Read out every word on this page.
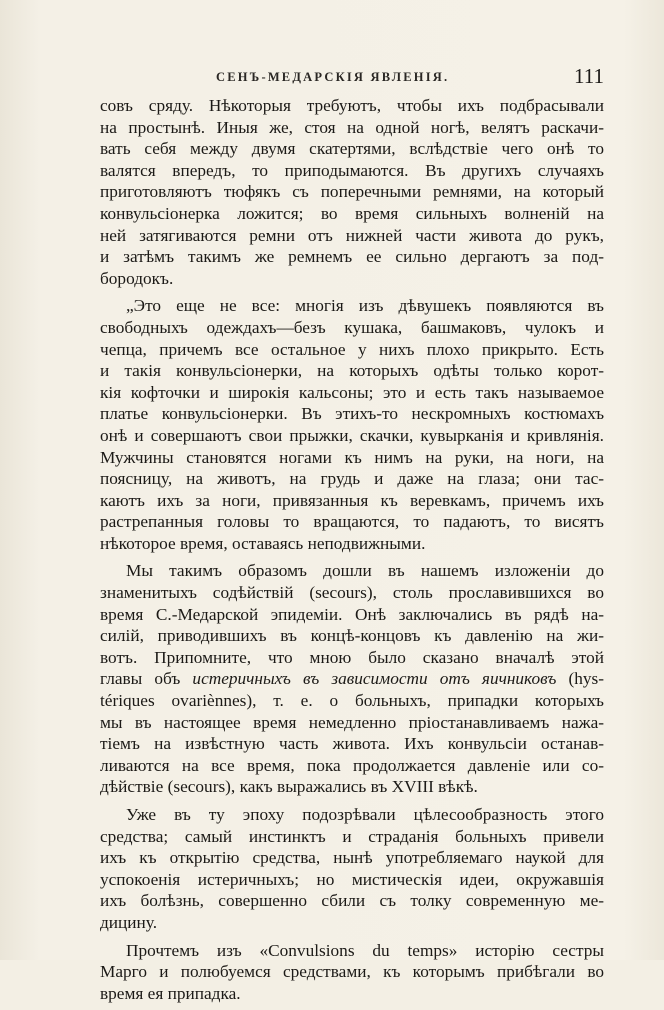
СЕНЪ-МЕДАРСКІЯ ЯВЛЕНІЯ.	111
совъ сряду. Нѣкоторыя требуютъ, чтобы ихъ подбрасывали
на простынѣ. Иныя же, стоя на одной ногѣ, велятъ раскачи-
вать себя между двумя скатертями, вслѣдствіе чего онѣ то
валятся впередъ, то приподымаются. Въ другихъ случаяхъ
приготовляютъ тюфякъ съ поперечными ремнями, на который
конвульсіонерка ложится; во время сильныхъ волненій на
ней затягиваются ремни отъ нижней части живота до рукъ,
и затѣмъ такимъ же ремнемъ ее сильно дергаютъ за под-
бородокъ.
„Это еще не все: многія изъ дѣвушекъ появляются въ
свободныхъ одеждахъ—безъ кушака, башмаковъ, чулокъ и
чепца, причемъ все остальное у нихъ плохо прикрыто. Есть
и такія конвульсіонерки, на которыхъ одѣты только корот-
кія кофточки и широкія кальсоны; это и есть такъ называемое
платье конвульсіонерки. Въ этихъ-то нескромныхъ костюмахъ
онѣ и совершаютъ свои прыжки, скачки, кувырканія и кривлянія.
Мужчины становятся ногами къ нимъ на руки, на ноги, на
поясницу, на животъ, на грудь и даже на глаза; они тас-
каютъ ихъ за ноги, привязанныя къ веревкамъ, причемъ ихъ
растрепанныя головы то вращаются, то падаютъ, то висятъ
нѣкоторое время, оставаясь неподвижными.
Мы такимъ образомъ дошли въ нашемъ изложеніи до
знаменитыхъ содѣйствій (secours), столь прославившихся во
время С.-Медарской эпидеміи. Онѣ заключались въ рядѣ на-
силій, приводившихъ въ концѣ-концовъ къ давленію на жи-
вотъ. Припомните, что мною было сказано вначалѣ этой
главы объ истеричныхъ въ зависимости отъ яичниковъ (hys-
tériques ovariènnes), т. е. о больныхъ, припадки которыхъ
мы въ настоящее время немедленно пріостанавливаемъ нажа-
тіемъ на извѣстную часть живота. Ихъ конвульсіи останав-
ливаются на все время, пока продолжается давленіе или со-
дѣйствіе (secours), какъ выражались въ XVIII вѣкѣ.
Уже въ ту эпоху подозрѣвали цѣлесообразность этого
средства; самый инстинктъ и страданія больныхъ привели
ихъ къ открытію средства, нынѣ употребляемаго наукой для
успокоенія истеричныхъ; но мистическія идеи, окружавшія
ихъ болѣзнь, совершенно сбили съ толку современную ме-
дицину.
Прочтемъ изъ «Convulsions du temps» исторію сестры
Марго и полюбуемся средствами, къ которымъ прибѣгали во
время ея припадка.
